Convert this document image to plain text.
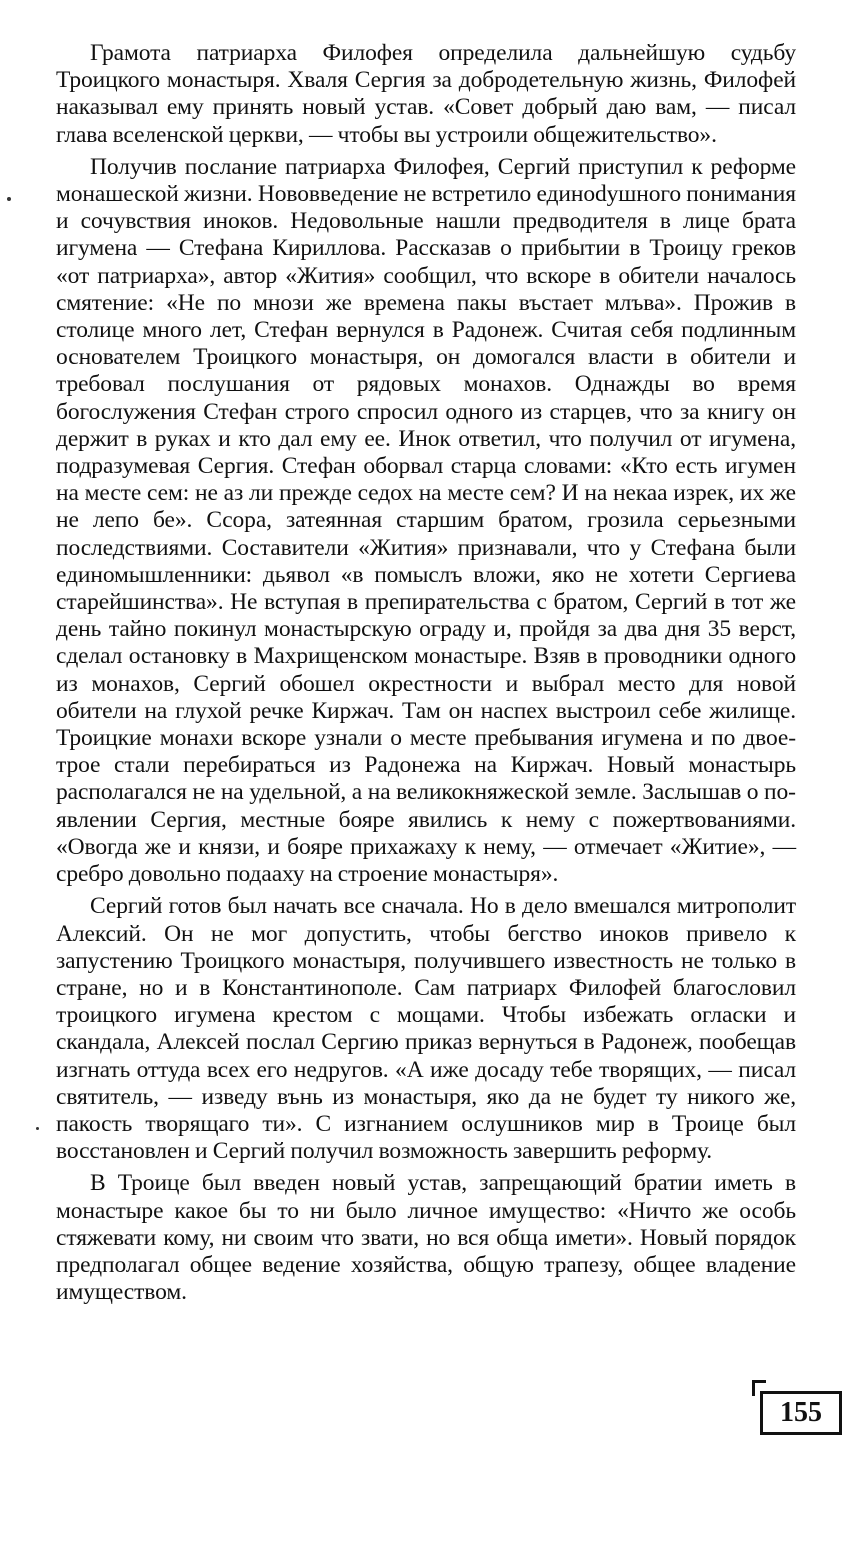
Грамота патриарха Филофея определила дальнейшую судьбу Троицкого монастыря. Хваля Сергия за добродетельную жизнь, Филофей наказывал ему принять новый устав. «Совет добрый даю вам, — писал глава вселенской церкви, — чтобы вы устроили общежительство».

Получив послание патриарха Филофея, Сергий приступил к реформе монашеской жизни. Нововведение не встретило единоdушного понимания и сочувствия иноков. Недовольные нашли предводителя в лице брата игумена — Стефана Кириллова. Рассказав о прибытии в Троицу греков «от патриарха», автор «Жития» сообщил, что вскоре в обители началось смятение: «Не по мнози же времена пакы въстает млъва». Прожив в столице много лет, Стефан вернулся в Радонеж. Считая себя подлинным основателем Троицкого монастыря, он домогался власти в обители и требовал послушания от рядовых монахов. Однажды во время богослужения Стефан строго спросил одного из старцев, что за книгу он держит в руках и кто дал ему ее. Инок ответил, что получил от игумена, подразумевая Сергия. Стефан оборвал старца словами: «Кто есть игумен на месте сем: не аз ли прежде седох на месте сем? И на некаа изрек, их же не лепо бе». Ссора, затеянная старшим братом, грозила серьезными последствиями. Составители «Жития» признавали, что у Стефана были единомышленники: дьявол «в помыслъ вложи, яко не хотети Сергиева старейшинства». Не вступая в препирательства с братом, Сергий в тот же день тайно покинул монастырскую ограду и, пройдя за два дня 35 верст, сделал остановку в Махрищенском монастыре. Взяв в проводники одного из монахов, Сергий обошел окрестности и выбрал место для новой обители на глухой речке Киржач. Там он наспех выстроил себе жилище. Троицкие монахи вскоре узнали о месте пребывания игумена и по двое-трое стали перебираться из Радонежа на Киржач. Новый монастырь располагался не на удельной, а на великокняжеской земле. Заслышав о появлении Сергия, местные бояре явились к нему с пожертвованиями. «Овогда же и князи, и бояре прихажаху к нему, — отмечает «Житие», — сребро довольно подааху на строение монастыря».

Сергий готов был начать все сначала. Но в дело вмешался митрополит Алексий. Он не мог допустить, чтобы бегство иноков привело к запустению Троицкого монастыря, получившего известность не только в стране, но и в Константинополе. Сам патриарх Филофей благословил троицкого игумена крестом с мощами. Чтобы избежать огласки и скандала, Алексей послал Сергию приказ вернуться в Радонеж, пообещав изгнать оттуда всех его недругов. «А иже досаду тебе творящих, — писал святитель, — изведу вънь из монастыря, яко да не будет ту никого же, пакость творящаго ти». С изгнанием ослушников мир в Троице был восстановлен и Сергий получил возможность завершить реформу.

В Троице был введен новый устав, запрещающий братии иметь в монастыре какое бы то ни было личное имущество: «Ничто же особь стяжевати кому, ни своим что звати, но вся обща имети». Новый порядок предполагал общее ведение хозяйства, общую трапезу, общее владение имуществом.

155
